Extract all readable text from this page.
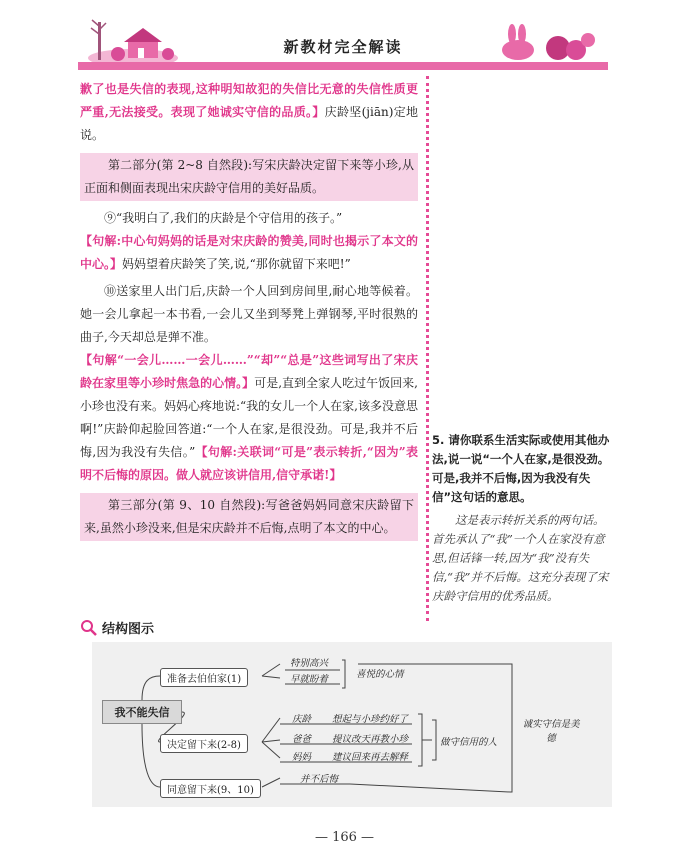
新教材完全解读

歉了也是失信的表现,这种明知故犯的失信比无意的失信性质更严重,无法接受。表现了她诚实守信的品质。】庆龄坚(jiān)定地说。

第二部分(第 2~8 自然段):写宋庆龄决定留下来等小珍,从正面和侧面表现出宋庆龄守信用的美好品质。

⑨“我明白了,我们的庆龄是个守信用的孩子。”

【句解:中心句妈妈的话是对宋庆龄的赞美,同时也揭示了本文的中心。】妈妈望着庆龄笑了笑,说,“那你就留下来吧!”

⑩送家里人出门后,庆龄一个人回到房间里,耐心地等候着。她一会儿拿起一本书看,一会儿又坐到琴凳上弹钢琴,平时很熟的曲子,今天却总是弹不准。

【句解“一会儿……一会儿……”“却”“总是”这些词写出了宋庆龄在家里等小珍时焦急的心情。】可是,直到全家人吃过午饭回来,小珍也没有来。妈妈心疼地说:“我的女儿一个人在家,该多没意思啊!”庆龄仰起脸回答道:“一个人在家,是很没劲。可是,我并不后悔,因为我没有失信。”【句解:关联词“可是”表示转折,“因为”表明不后悔的原因。做人就应该讲信用,信守承诺!】

第三部分(第 9、10 自然段):写爸爸妈妈同意宋庆龄留下来,虽然小珍没来,但是宋庆龄并不后悔,点明了本文的中心。
5. 请你联系生活实际或使用其他办法,说一说“一个人在家,是很没劲。可是,我并不后悔,因为我没有失信”这句话的意思。
这是表示转折关系的两句话。首先承认了“我”一个人在家没有意思,但话锋一转,因为“我”没有失信,“我”并不后悔。这充分表现了宋庆龄守信用的优秀品质。
结构图示
我不能失信
准备去伯伯家(1)
决定留下来(2-8)
同意留下来(9、10)
特别高兴
早就盼着	喜悦的心情
庆龄 想起与小珍约好了
爸爸 提议改天再教小珍
妈妈 建议回来再去解释
做守信用的人
并不后悔
诚实守信是美德
— 166 —
